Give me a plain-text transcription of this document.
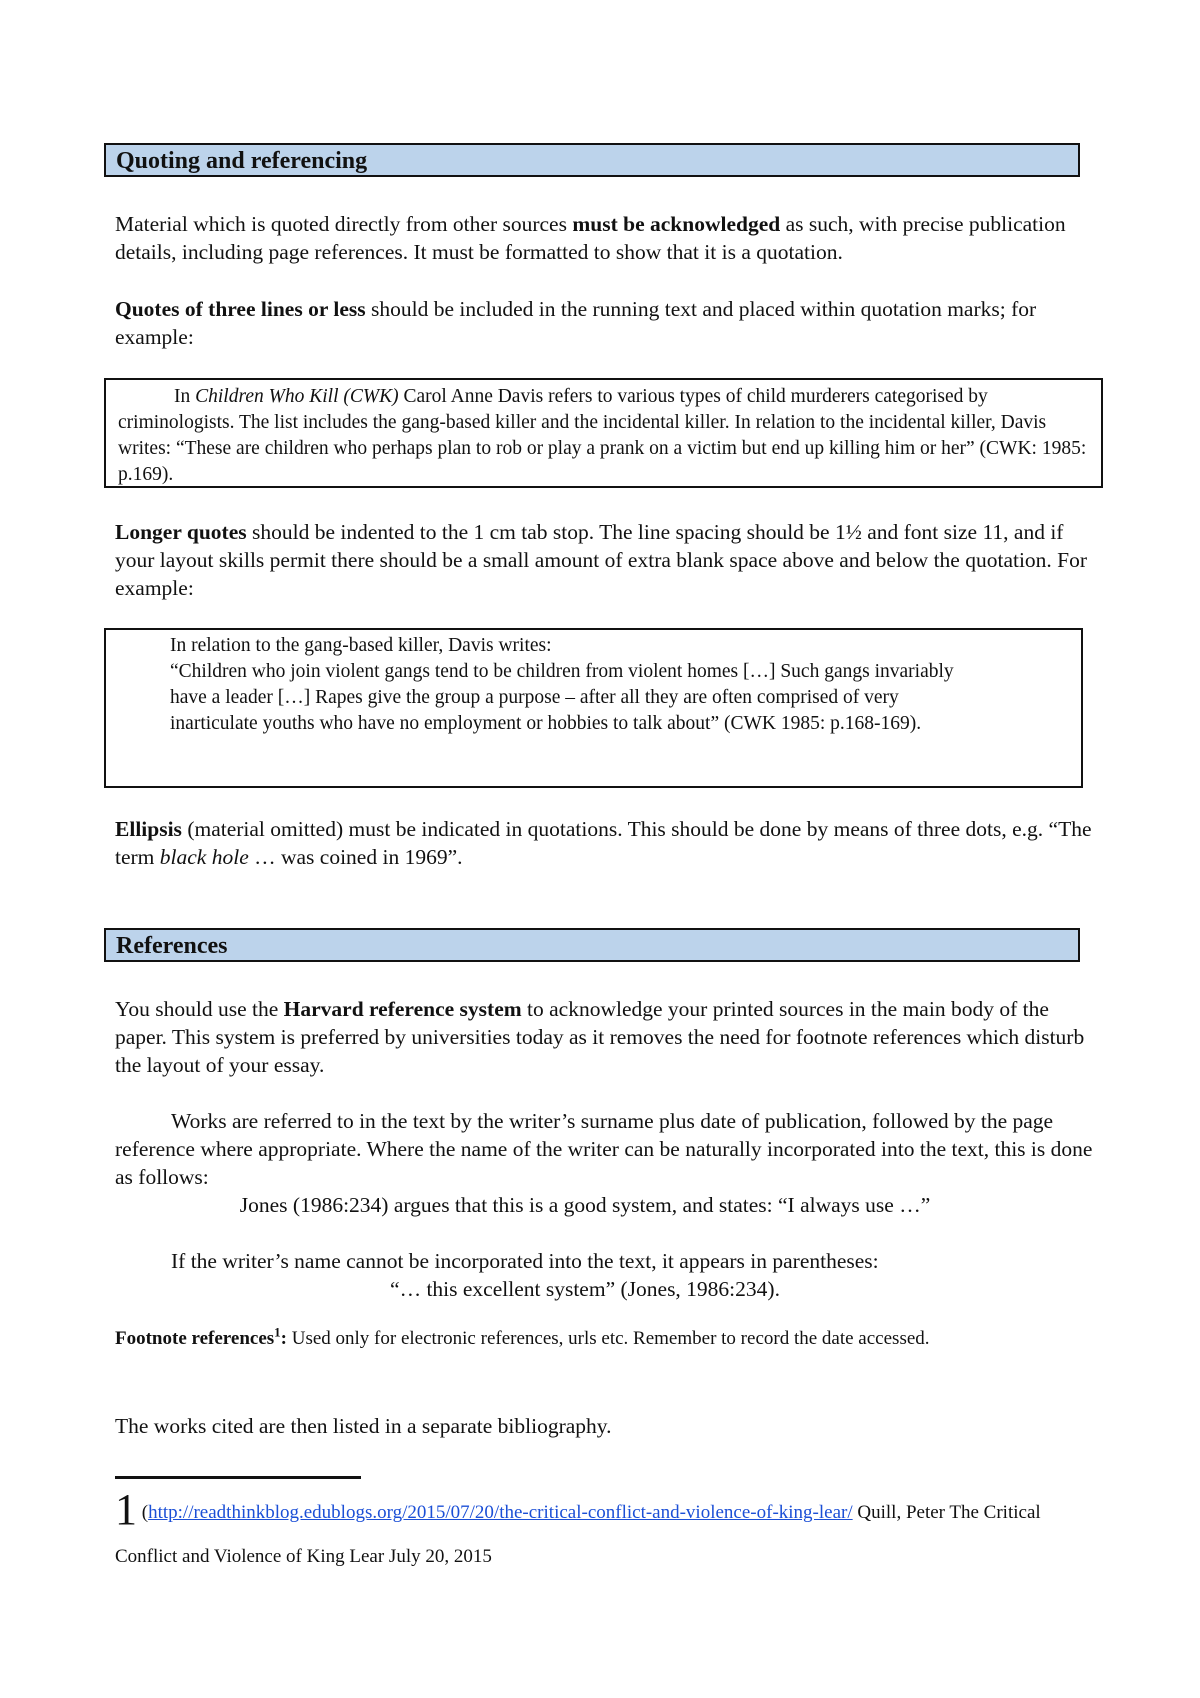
Quoting and referencing

Material which is quoted directly from other sources must be acknowledged as such, with precise publication details, including page references. It must be formatted to show that it is a quotation.

Quotes of three lines or less should be included in the running text and placed within quotation marks; for example:

In Children Who Kill (CWK) Carol Anne Davis refers to various types of child murderers categorised by criminologists. The list includes the gang-based killer and the incidental killer. In relation to the incidental killer, Davis writes: “These are children who perhaps plan to rob or play a prank on a victim but end up killing him or her” (CWK: 1985: p.169).

Longer quotes should be indented to the 1 cm tab stop. The line spacing should be 1½ and font size 11, and if your layout skills permit there should be a small amount of extra blank space above and below the quotation. For example:

In relation to the gang-based killer, Davis writes:

“Children who join violent gangs tend to be children from violent homes […] Such gangs invariably have a leader […] Rapes give the group a purpose – after all they are often comprised of very inarticulate youths who have no employment or hobbies to talk about” (CWK 1985: p.168-169).

Ellipsis (material omitted) must be indicated in quotations. This should be done by means of three dots, e.g. “The term black hole … was coined in 1969”.

References

You should use the Harvard reference system to acknowledge your printed sources in the main body of the paper. This system is preferred by universities today as it removes the need for footnote references which disturb the layout of your essay.

Works are referred to in the text by the writer’s surname plus date of publication, followed by the page reference where appropriate. Where the name of the writer can be naturally incorporated into the text, this is done as follows:

Jones (1986:234) argues that this is a good system, and states: “I always use …”

If the writer’s name cannot be incorporated into the text, it appears in parentheses:

“… this excellent system” (Jones, 1986:234).

Footnote references$^1$: Used only for electronic references, urls etc. Remember to record the date accessed.

The works cited are then listed in a separate bibliography.

1 (http://readthinkblog.edublogs.org/2015/07/20/the-critical-conflict-and-violence-of-king-lear/ Quill, Peter The Critical Conflict and Violence of King Lear July 20, 2015
